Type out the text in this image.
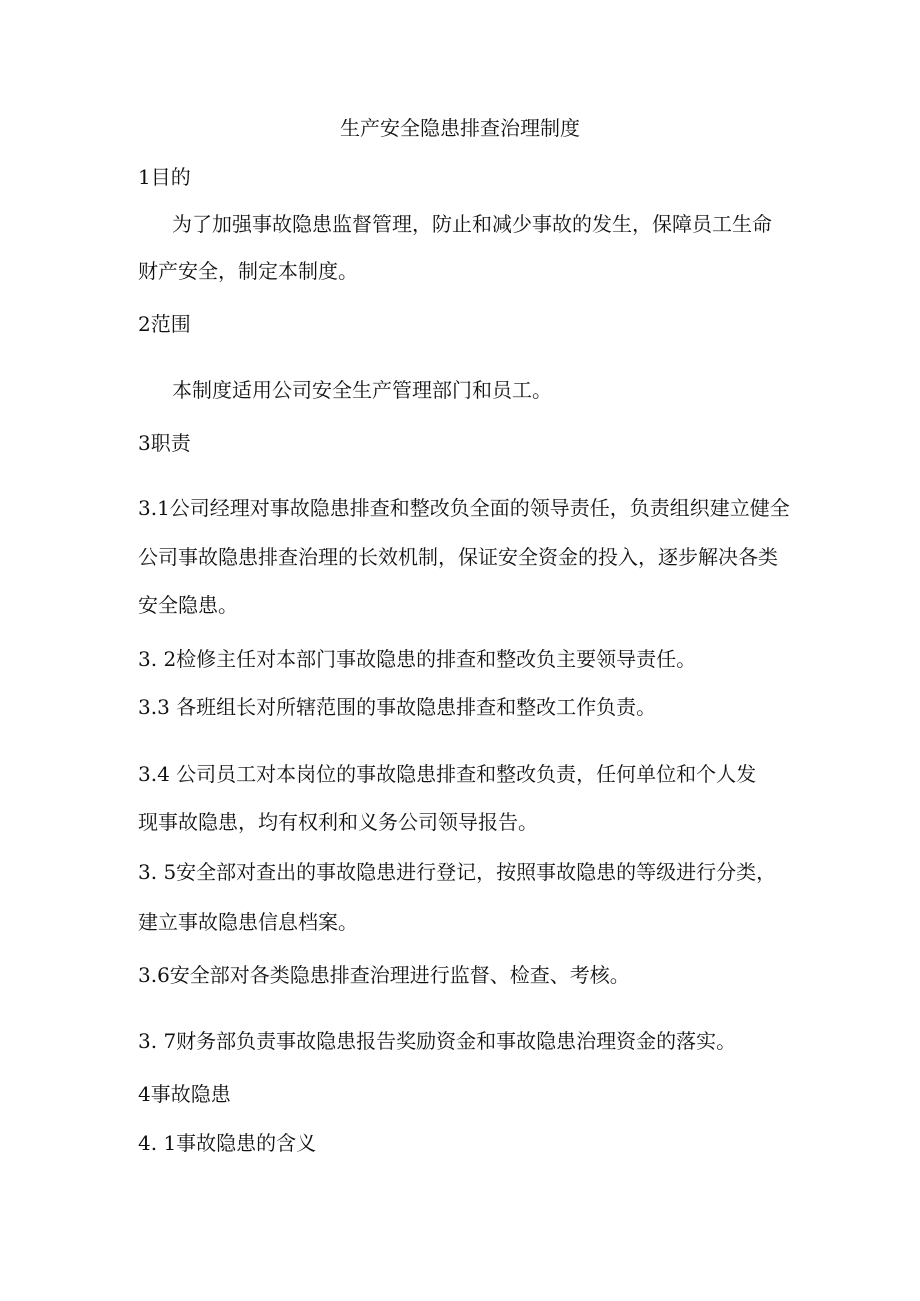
生产安全隐患排查治理制度
1目的
为了加强事故隐患监督管理，防止和减少事故的发生，保障员工生命
财产安全，制定本制度。
2范围
本制度适用公司安全生产管理部门和员工。
3职责
3.1公司经理对事故隐患排查和整改负全面的领导责任，负责组织建立健全
公司事故隐患排查治理的长效机制，保证安全资金的投入，逐步解决各类
安全隐患。
3. 2检修主任对本部门事故隐患的排查和整改负主要领导责任。
3.3 各班组长对所辖范围的事故隐患排查和整改工作负责。
3.4 公司员工对本岗位的事故隐患排查和整改负责，任何单位和个人发
现事故隐患，均有权利和义务公司领导报告。
3. 5安全部对查出的事故隐患进行登记，按照事故隐患的等级进行分类，
建立事故隐患信息档案。
3.6安全部对各类隐患排查治理进行监督、检查、考核。
3. 7财务部负责事故隐患报告奖励资金和事故隐患治理资金的落实。
4事故隐患
4. 1事故隐患的含义
